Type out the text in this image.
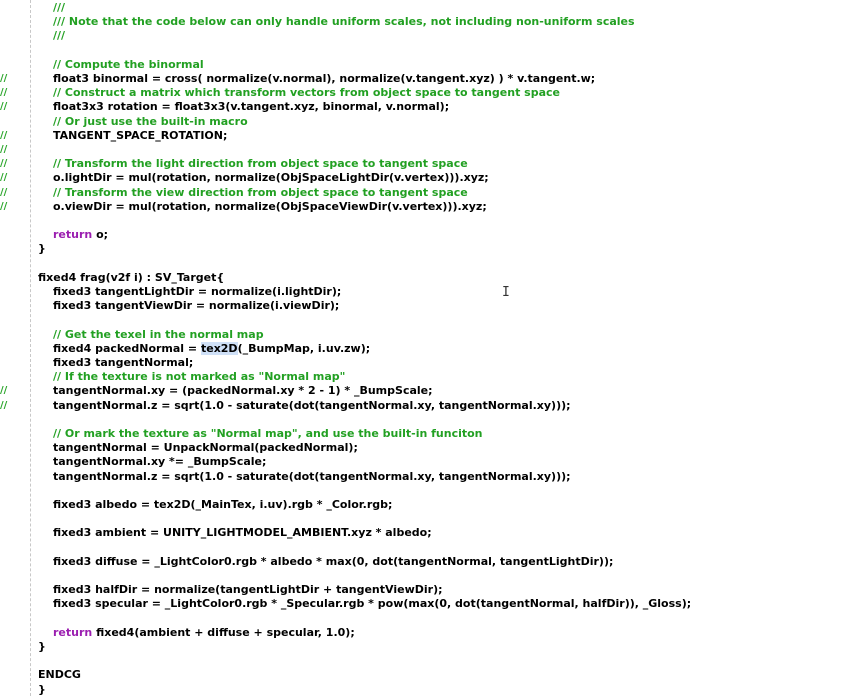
///
/// Note that the code below can only handle uniform scales, not including non-uniform scales
///
// Compute the binormal
//	float3 binormal = cross( normalize(v.normal), normalize(v.tangent.xyz) ) * v.tangent.w;
//	// Construct a matrix which transform vectors from object space to tangent space
//	float3x3 rotation = float3x3(v.tangent.xyz, binormal, v.normal);
// Or just use the built-in macro
//	TANGENT_SPACE_ROTATION;
//
//	// Transform the light direction from object space to tangent space
//	o.lightDir = mul(rotation, normalize(ObjSpaceLightDir(v.vertex))).xyz;
//	// Transform the view direction from object space to tangent space
//	o.viewDir = mul(rotation, normalize(ObjSpaceViewDir(v.vertex))).xyz;
return o;
}
fixed4 frag(v2f i) : SV_Target{
fixed3 tangentLightDir = normalize(i.lightDir);
fixed3 tangentViewDir = normalize(i.viewDir);
// Get the texel in the normal map
fixed4 packedNormal = tex2D(_BumpMap, i.uv.zw);
fixed3 tangentNormal;
// If the texture is not marked as "Normal map"
//	tangentNormal.xy = (packedNormal.xy * 2 - 1) * _BumpScale;
//	tangentNormal.z = sqrt(1.0 - saturate(dot(tangentNormal.xy, tangentNormal.xy)));
// Or mark the texture as "Normal map", and use the built-in funciton
tangentNormal = UnpackNormal(packedNormal);
tangentNormal.xy *= _BumpScale;
tangentNormal.z = sqrt(1.0 - saturate(dot(tangentNormal.xy, tangentNormal.xy)));
fixed3 albedo = tex2D(_MainTex, i.uv).rgb * _Color.rgb;
fixed3 ambient = UNITY_LIGHTMODEL_AMBIENT.xyz * albedo;
fixed3 diffuse = _LightColor0.rgb * albedo * max(0, dot(tangentNormal, tangentLightDir));
fixed3 halfDir = normalize(tangentLightDir + tangentViewDir);
fixed3 specular = _LightColor0.rgb * _Specular.rgb * pow(max(0, dot(tangentNormal, halfDir)), _Gloss);
return fixed4(ambient + diffuse + specular, 1.0);
}
ENDCG
}
I
